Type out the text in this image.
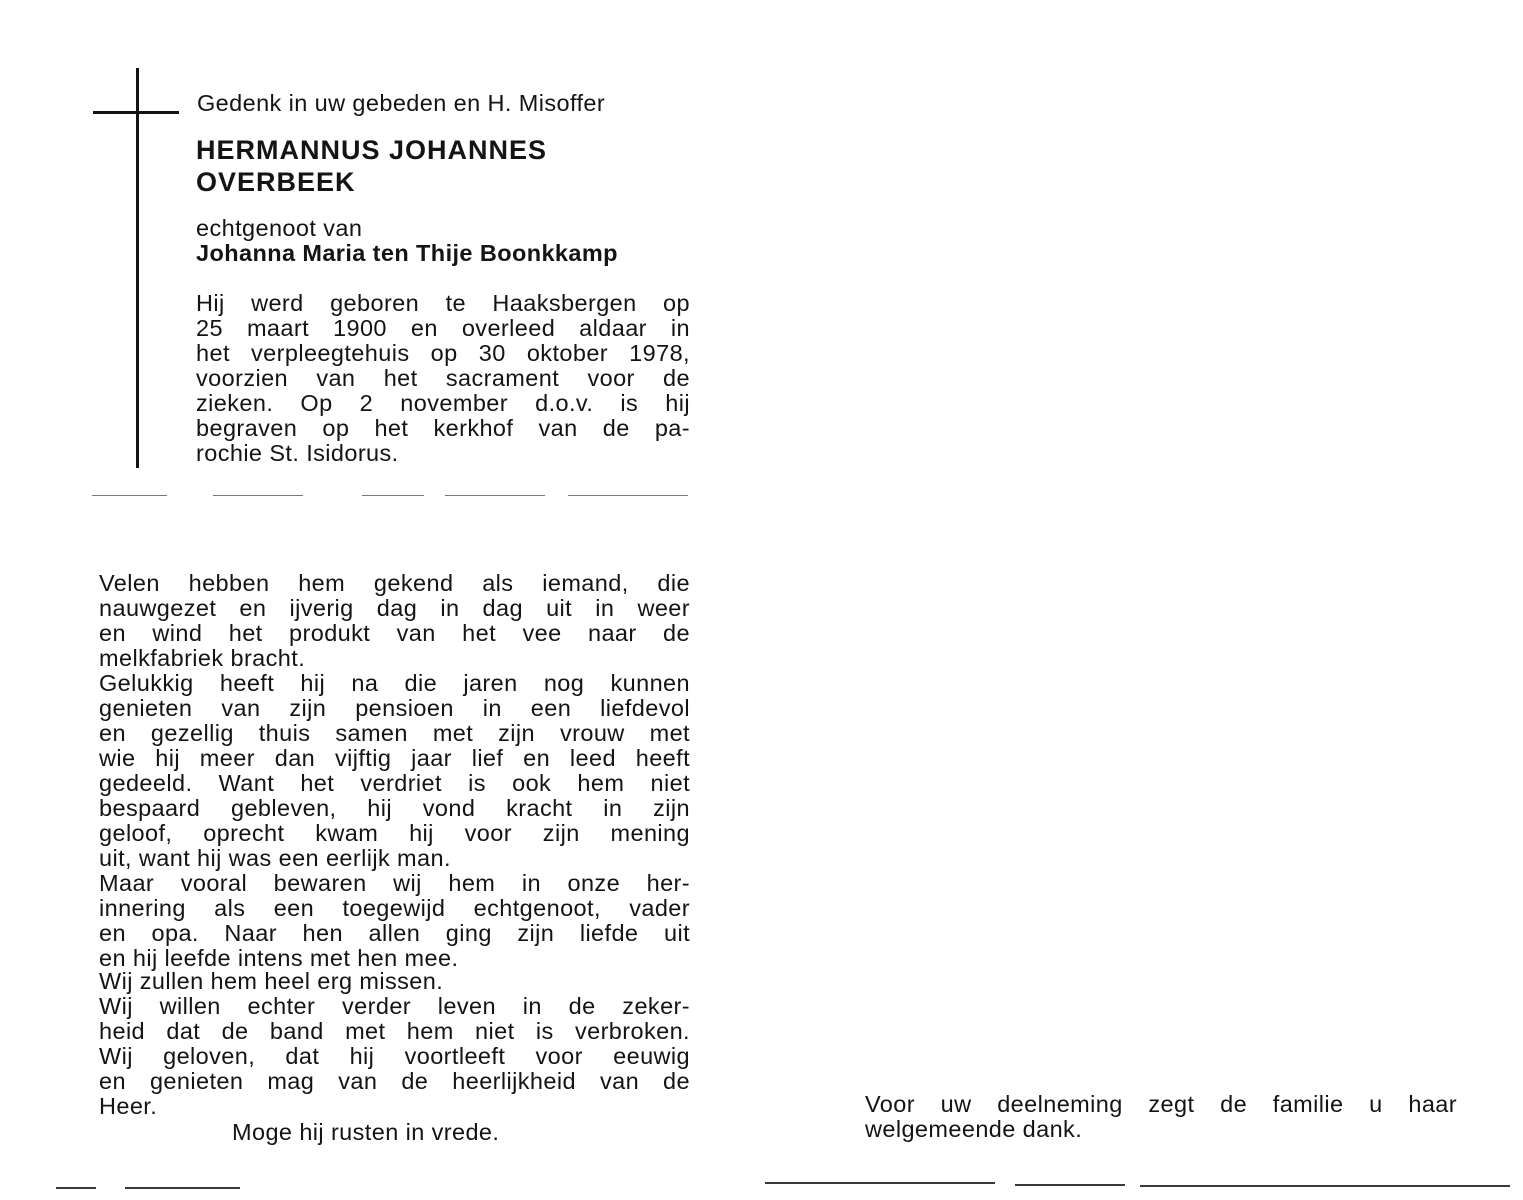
Gedenk in uw gebeden en H. Misoffer
HERMANNUS JOHANNES
OVERBEEK
echtgenoot van
Johanna Maria ten Thije Boonkkamp
Hij werd geboren te Haaksbergen op
25 maart 1900 en overleed aldaar in
het verpleegtehuis op 30 oktober 1978,
voorzien van het sacrament voor de
zieken. Op 2 november d.o.v. is hij
begraven op het kerkhof van de pa-
rochie St. Isidorus.
Velen hebben hem gekend als iemand, die
nauwgezet en ijverig dag in dag uit in weer
en wind het produkt van het vee naar de
melkfabriek bracht.
Gelukkig heeft hij na die jaren nog kunnen
genieten van zijn pensioen in een liefdevol
en gezellig thuis samen met zijn vrouw met
wie hij meer dan vijftig jaar lief en leed heeft
gedeeld. Want het verdriet is ook hem niet
bespaard gebleven, hij vond kracht in zijn
geloof, oprecht kwam hij voor zijn mening
uit, want hij was een eerlijk man.
Maar vooral bewaren wij hem in onze her-
innering als een toegewijd echtgenoot, vader
en opa. Naar hen allen ging zijn liefde uit
en hij leefde intens met hen mee.
Wij zullen hem heel erg missen.
Wij willen echter verder leven in de zeker-
heid dat de band met hem niet is verbroken.
Wij geloven, dat hij voortleeft voor eeuwig
en genieten mag van de heerlijkheid van de
Heer.
Moge hij rusten in vrede.
Voor uw deelneming zegt de familie u haar
welgemeende dank.
